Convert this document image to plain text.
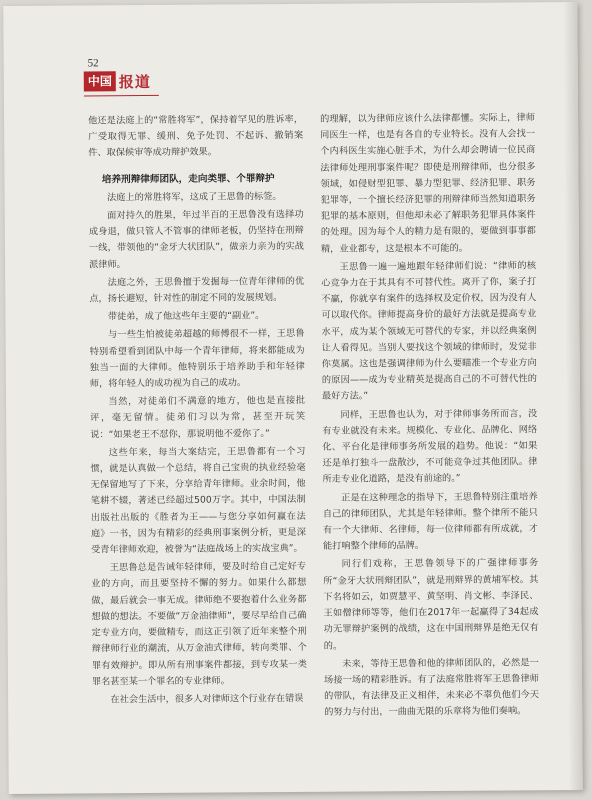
52
中国 报道

他还是法庭上的“常胜将军”，保持着罕见的胜诉率，广受取得无罪、缓刑、免予处罚、不起诉、撤销案件、取保候审等成功辩护效果。

培养刑辩律师团队，走向类罪、个罪辩护

法庭上的常胜将军，这成了王思鲁的标签。

面对持久的胜果，年过半百的王思鲁没有选择功成身退，做只管人不管事的律师老板，仍坚持在刑辩一线，带领他的“金牙大状团队”，做亲力亲为的实战派律师。

法庭之外，王思鲁擅于发掘每一位青年律师的优点，扬长避短，针对性的制定不同的发展规划。

带徒弟，成了他这些年主要的“副业”。

与一些生怕被徒弟超越的师傅很不一样，王思鲁特别希望看到团队中每一个青年律师，将来都能成为独当一面的大律师。他特别乐于培养助手和年轻律师，将年轻人的成功视为自己的成功。

当然，对徒弟们不满意的地方，他也是直接批评，毫无留情。徒弟们习以为常，甚至开玩笑说：“如果老王不怼你，那说明他不爱你了。”

这些年来，每当大案结完，王思鲁都有一个习惯，就是认真做一个总结，将自己宝贵的执业经验毫无保留地写了下来，分享给青年律师。业余时间，他笔耕不辍，著述已经超过500万字。其中，中国法制出版社出版的《胜者为王——与您分享如何赢在法庭》一书，因为有精彩的经典刑事案例分析，更是深受青年律师欢迎，被誉为“法庭战场上的实战宝典”。

王思鲁总是告诫年轻律师，要及时给自己定好专业的方向，而且要坚持不懈的努力。如果什么都想做，最后就会一事无成。律师绝不要抱着什么业务都想做的想法。不要做“万金油律师”，要尽早给自己确定专业方向，要做精专，而这正引领了近年来整个刑辩律师行业的潮流，从万金油式律师，转向类罪、个罪有效辩护。即从所有刑事案件都接，到专攻某一类罪名甚至某一个罪名的专业律师。

在社会生活中，很多人对律师这个行业存在错误

的理解，以为律师应该什么法律都懂。实际上，律师同医生一样，也是有各自的专业特长。没有人会找一个内科医生实施心脏手术，为什么却会聘请一位民商法律师处理刑事案件呢？即使是刑辩律师，也分很多领域，如侵财型犯罪、暴力型犯罪、经济犯罪、职务犯罪等，一个擅长经济犯罪的刑辩律师当然知道职务犯罪的基本原则，但他却未必了解职务犯罪具体案件的处理。因为每个人的精力是有限的，要做到事事都精，业业都专，这是根本不可能的。

王思鲁一遍一遍地跟年轻律师们说：“律师的核心竞争力在于其具有不可替代性。离开了你，案子打不赢，你就享有案件的选择权及定价权，因为没有人可以取代你。律师提高身价的最好方法就是提高专业水平，成为某个领域无可替代的专家，并以经典案例让人看得见。当别人要找这个领域的律师时，发觉非你莫属。这也是强调律师为什么要瞄准一个专业方向的原因——成为专业精英是提高自己的不可替代性的最好方法。”

同样，王思鲁也认为，对于律师事务所而言，没有专业就没有未来。规模化、专业化、品牌化、网络化、平台化是律师事务所发展的趋势。他说：“如果还是单打独斗一盘散沙，不可能竞争过其他团队。律所走专业化道路，是没有前途的。”

正是在这种理念的指导下，王思鲁特别注重培养自己的律师团队，尤其是年轻律师。整个律所不能只有一个大律师、名律师，每一位律师都有所成就，才能打响整个律师的品牌。

同行们戏称，王思鲁领导下的广强律师事务所“金牙大状刑辩团队”，就是刑辩界的黄埔军校。其下名将如云，如贾慧平、黄坚明、肖文彬、李泽民、王如僧律师等等，他们在2017年一起赢得了34起成功无罪辩护案例的战绩，这在中国刑辩界是绝无仅有的。

未来，等待王思鲁和他的律师团队的，必然是一场接一场的精彩胜诉。有了法庭常胜将军王思鲁律师的带队，有法律及正义相伴，未来必不辜负他们今天的努力与付出，一曲曲无限的乐章将为他们奏响。
